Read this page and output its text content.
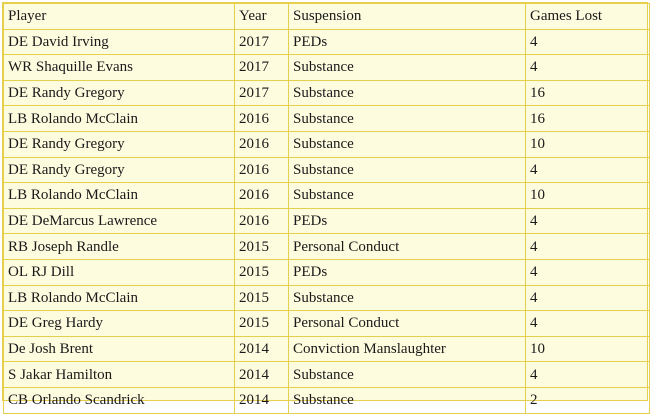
Player	Year	Suspension	Games Lost
DE David Irving	2017	PEDs	4
WR Shaquille Evans	2017	Substance	4
DE Randy Gregory	2017	Substance	16
LB Rolando McClain	2016	Substance	16
DE Randy Gregory	2016	Substance	10
DE Randy Gregory	2016	Substance	4
LB Rolando McClain	2016	Substance	10
DE DeMarcus Lawrence	2016	PEDs	4
RB Joseph Randle	2015	Personal Conduct	4
OL RJ Dill	2015	PEDs	4
LB Rolando McClain	2015	Substance	4
DE Greg Hardy	2015	Personal Conduct	4
De Josh Brent	2014	Conviction Manslaughter	10
S Jakar Hamilton	2014	Substance	4
CB Orlando Scandrick	2014	Substance	2
